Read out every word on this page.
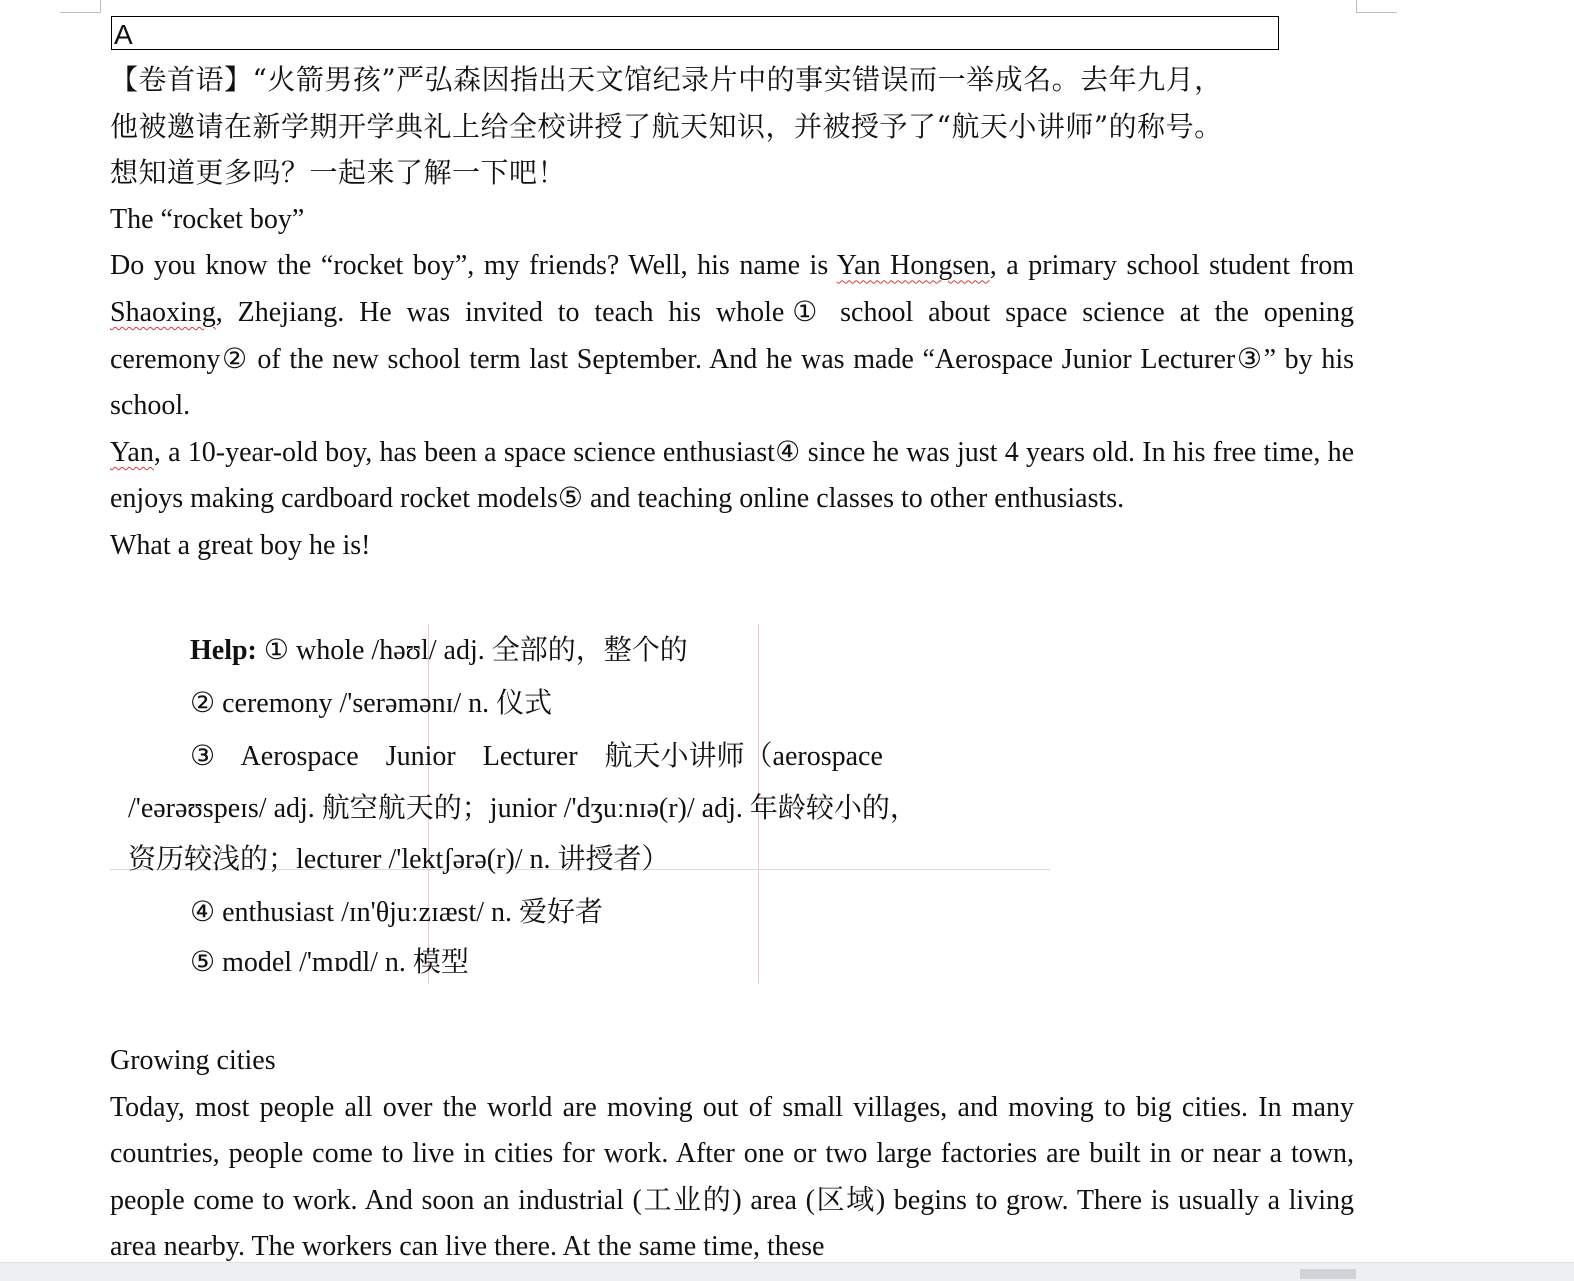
A

【卷首语】“火箭男孩”严弘森因指出天文馆纪录片中的事实错误而一举成名。去年九月，

他被邀请在新学期开学典礼上给全校讲授了航天知识，并被授予了“航天小讲师”的称号。

想知道更多吗？一起来了解一下吧！

The “rocket boy”

Do you know the “rocket boy”, my friends? Well, his name is Yan Hongsen, a primary school student from Shaoxing, Zhejiang. He was invited to teach his whole① school about space science at the opening ceremony② of the new school term last September. And he was made “Aerospace Junior Lecturer③” by his school.

Yan, a 10-year-old boy, has been a space science enthusiast④ since he was just 4 years old. In his free time, he enjoys making cardboard rocket models⑤ and teaching online classes to other enthusiasts.

What a great boy he is!

Help: ① whole /həʊl/ adj. 全部的，整个的
② ceremony /'serəmənɪ/ n. 仪式
③ Aerospace Junior Lecturer 航天小讲师（aerospace
/'eərəʊspeɪs/ adj. 航空航天的；junior /'dʒuːnɪə(r)/ adj. 年龄较小的，
资历较浅的；lecturer /'lektʃərə(r)/ n. 讲授者）
④ enthusiast /ɪn'θjuːzɪæst/ n. 爱好者
⑤ model /'mɒdl/ n. 模型

Growing cities

Today, most people all over the world are moving out of small villages, and moving to big cities. In many countries, people come to live in cities for work. After one or two large factories are built in or near a town, people come to work. And soon an industrial (工业的) area (区域) begins to grow. There is usually a living area nearby. The workers can live there. At the same time, these
